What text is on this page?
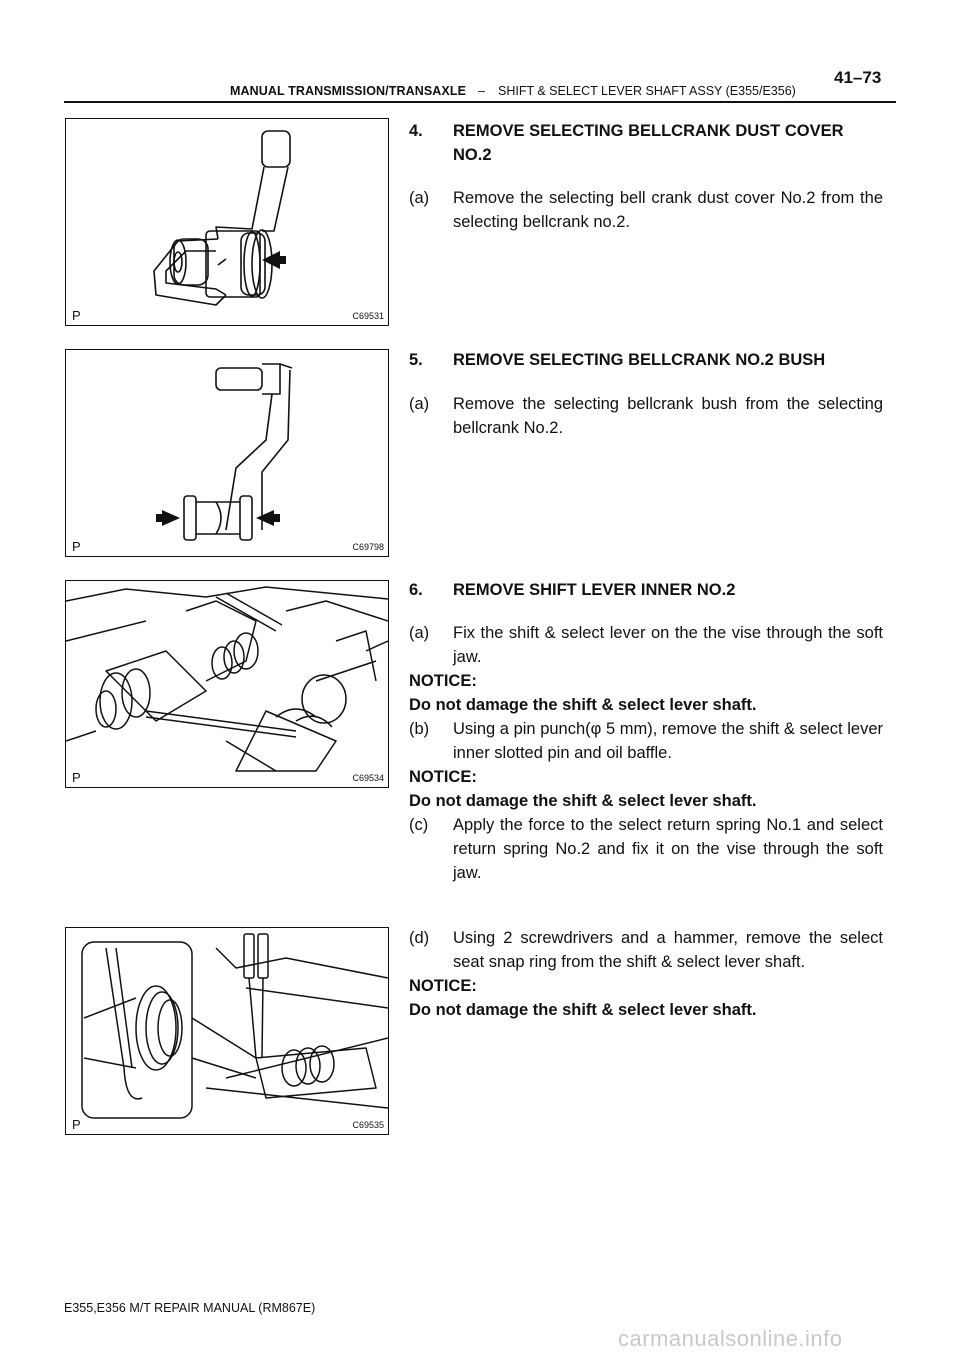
MANUAL TRANSMISSION/TRANSAXLE – SHIFT & SELECT LEVER SHAFT ASSY (E355/E356)
41–73
P	C69531
P	C69798
P	C69534
P	C69535
4. REMOVE SELECTING BELLCRANK DUST COVER
NO.2
(a) Remove the selecting bell crank dust cover No.2 from the selecting bellcrank no.2.
5. REMOVE SELECTING BELLCRANK NO.2 BUSH
(a) Remove the selecting bellcrank bush from the selecting bellcrank No.2.
6. REMOVE SHIFT LEVER INNER NO.2
(a) Fix the shift & select lever on the the vise through the soft jaw.
NOTICE:
Do not damage the shift & select lever shaft.
(b) Using a pin punch(φ 5 mm), remove the shift & select lever inner slotted pin and oil baffle.
NOTICE:
Do not damage the shift & select lever shaft.
(c) Apply the force to the select return spring No.1 and select return spring No.2 and fix it on the vise through the soft jaw.
(d) Using 2 screwdrivers and a hammer, remove the select seat snap ring from the shift & select lever shaft.
NOTICE:
Do not damage the shift & select lever shaft.
E355,E356 M/T REPAIR MANUAL (RM867E)
carmanualsonline.info
